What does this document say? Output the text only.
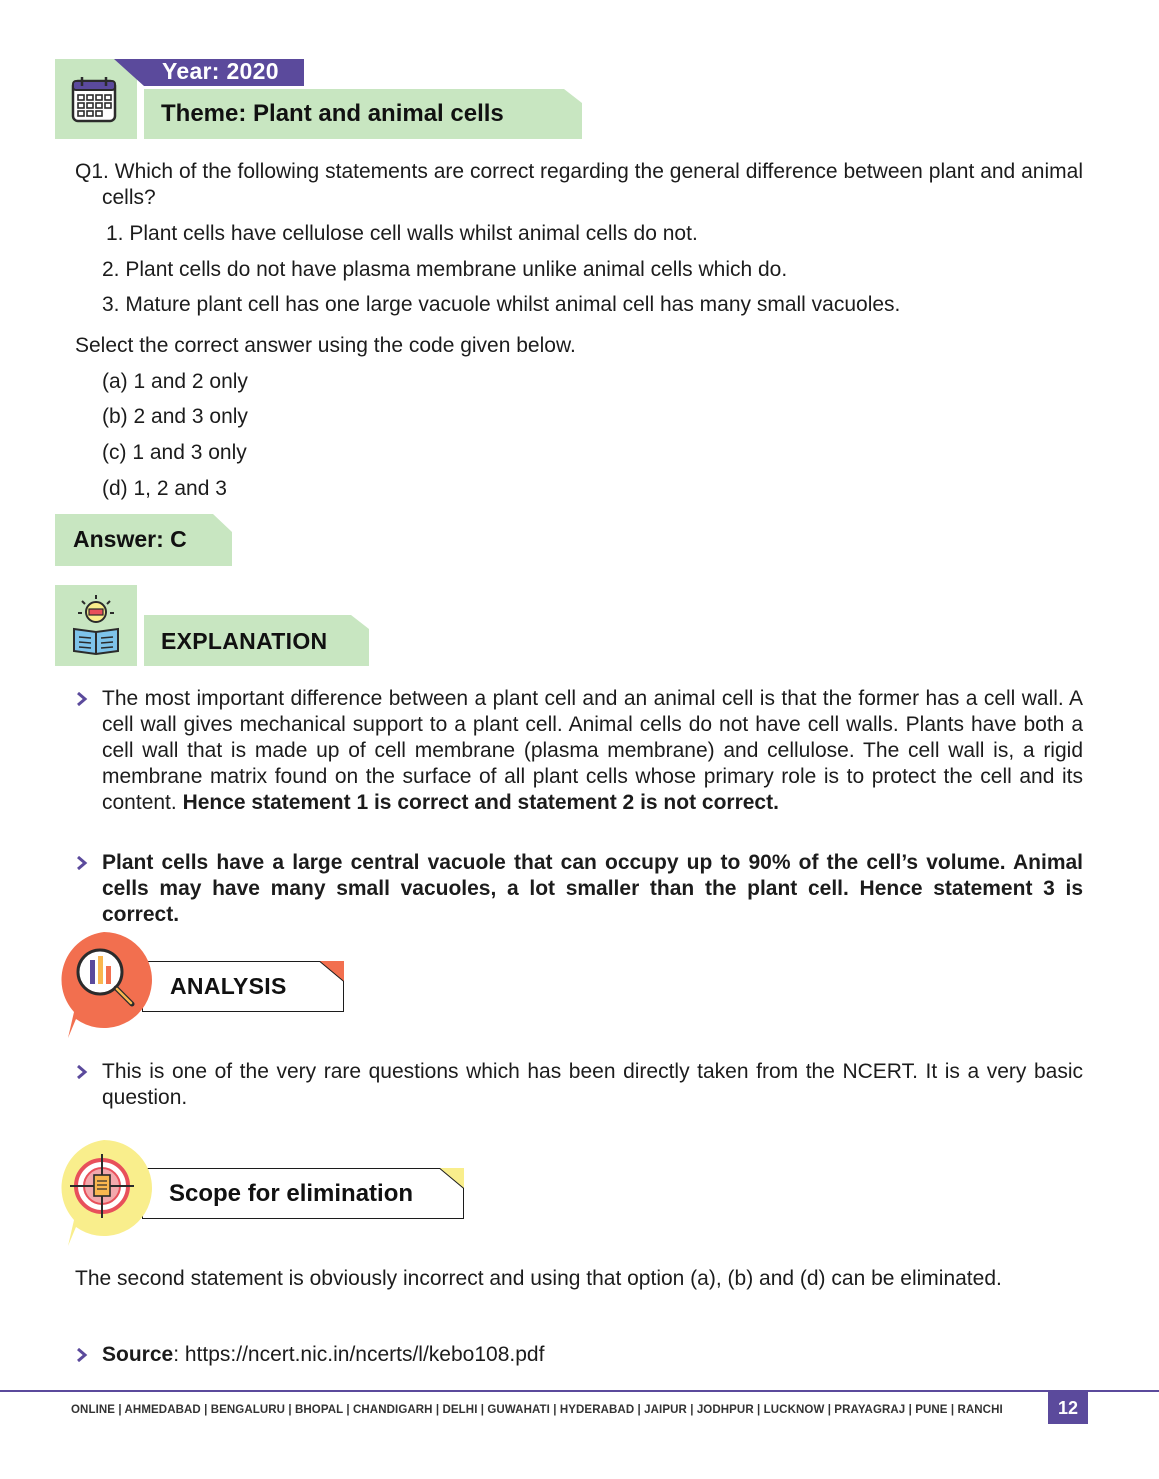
Year: 2020
Theme: Plant and animal cells
Q1. Which of the following statements are correct regarding the general difference between plant and animal cells?
1. Plant cells have cellulose cell walls whilst animal cells do not.
2. Plant cells do not have plasma membrane unlike animal cells which do.
3. Mature plant cell has one large vacuole whilst animal cell has many small vacuoles.
Select the correct answer using the code given below.
(a) 1 and 2 only
(b) 2 and 3 only
(c) 1 and 3 only
(d) 1, 2 and 3
Answer: C
EXPLANATION
The most important difference between a plant cell and an animal cell is that the former has a cell wall. A cell wall gives mechanical support to a plant cell. Animal cells do not have cell walls. Plants have both a cell wall that is made up of cell membrane (plasma membrane) and cellulose. The cell wall is, a rigid membrane matrix found on the surface of all plant cells whose primary role is to protect the cell and its content. Hence statement 1 is correct and statement 2 is not correct.
Plant cells have a large central vacuole that can occupy up to 90% of the cell’s volume. Animal cells may have many small vacuoles, a lot smaller than the plant cell. Hence statement 3 is correct.
ANALYSIS
This is one of the very rare questions which has been directly taken from the NCERT. It is a very basic question.
Scope for elimination
The second statement is obviously incorrect and using that option (a), (b) and (d) can be eliminated.
Source: https://ncert.nic.in/ncerts/l/kebo108.pdf
ONLINE | AHMEDABAD | BENGALURU | BHOPAL | CHANDIGARH | DELHI | GUWAHATI | HYDERABAD | JAIPUR | JODHPUR | LUCKNOW | PRAYAGRAJ | PUNE | RANCHI	12
